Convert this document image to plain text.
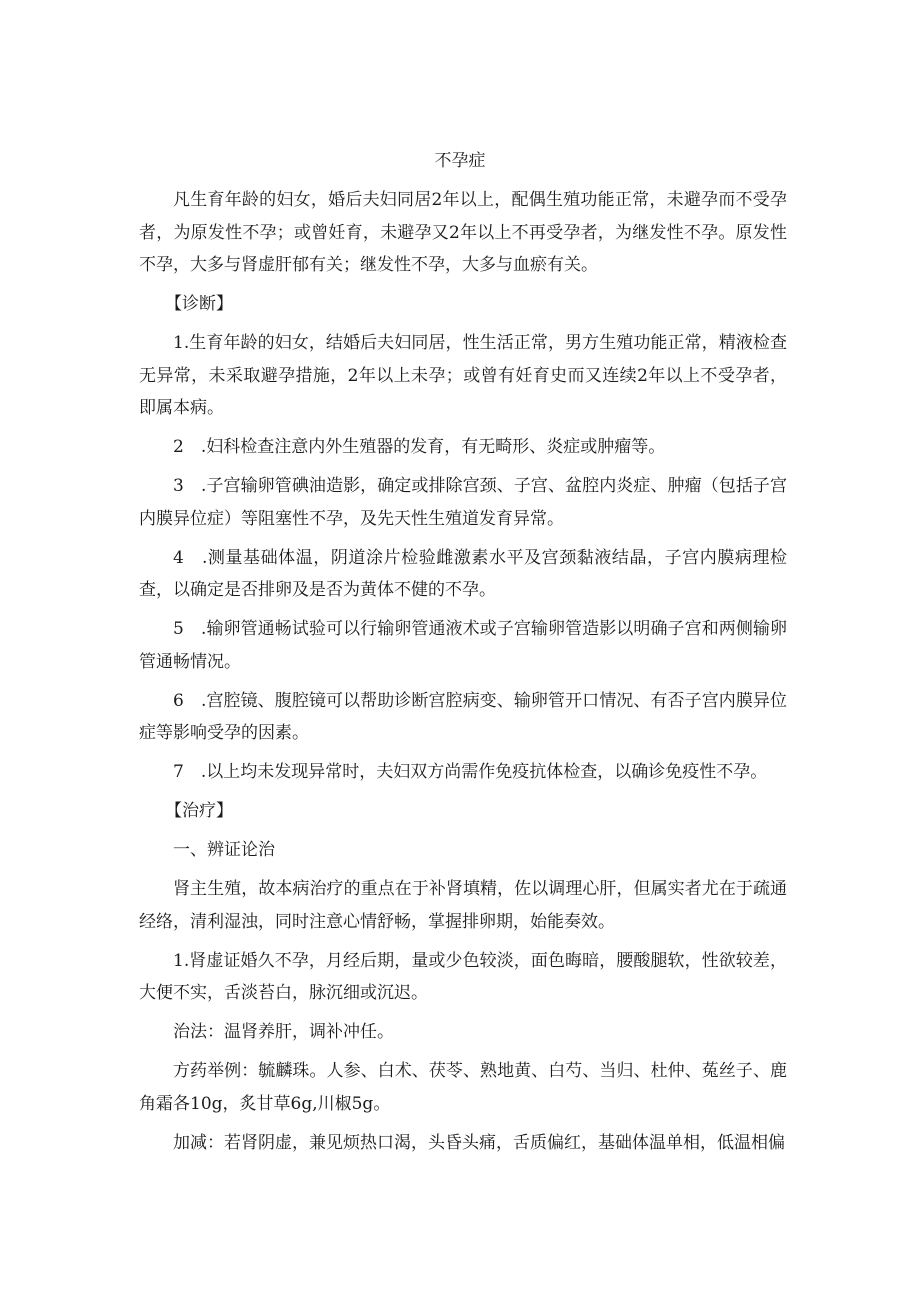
不孕症

凡生育年龄的妇女，婚后夫妇同居2年以上，配偶生殖功能正常，未避孕而不受孕者，为原发性不孕；或曾妊育，未避孕又2年以上不再受孕者，为继发性不孕。原发性不孕，大多与肾虚肝郁有关；继发性不孕，大多与血瘀有关。

【诊断】

1.生育年龄的妇女，结婚后夫妇同居，性生活正常，男方生殖功能正常，精液检查无异常，未采取避孕措施，2年以上未孕；或曾有妊育史而又连续2年以上不受孕者，即属本病。

2　.妇科检查注意内外生殖器的发育，有无畸形、炎症或肿瘤等。

3　.子宫输卵管碘油造影，确定或排除宫颈、子宫、盆腔内炎症、肿瘤（包括子宫内膜异位症）等阻塞性不孕，及先天性生殖道发育异常。

4　.测量基础体温，阴道涂片检验雌激素水平及宫颈黏液结晶，子宫内膜病理检查，以确定是否排卵及是否为黄体不健的不孕。

5　.输卵管通畅试验可以行输卵管通液术或子宫输卵管造影以明确子宫和两侧输卵管通畅情况。

6　.宫腔镜、腹腔镜可以帮助诊断宫腔病变、输卵管开口情况、有否子宫内膜异位症等影响受孕的因素。

7　.以上均未发现异常时，夫妇双方尚需作免疫抗体检查，以确诊免疫性不孕。

【治疗】

一、辨证论治

肾主生殖，故本病治疗的重点在于补肾填精，佐以调理心肝，但属实者尤在于疏通经络，清利湿浊，同时注意心情舒畅，掌握排卵期，始能奏效。

1.肾虚证婚久不孕，月经后期，量或少色较淡，面色晦暗，腰酸腿软，性欲较差，大便不实，舌淡苔白，脉沉细或沉迟。

治法：温肾养肝，调补冲任。

方药举例：毓麟珠。人参、白术、茯苓、熟地黄、白芍、当归、杜仲、菟丝子、鹿角霜各10g，炙甘草6g,川椒5g。

加减：若肾阴虚，兼见烦热口渴，头昏头痛，舌质偏红，基础体温单相，低温相偏
